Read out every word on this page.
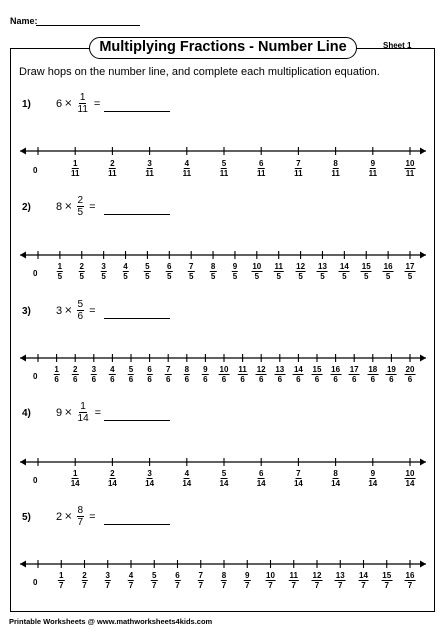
Name:
Sheet 1
Multiplying Fractions - Number Line
Draw hops on the number line, and complete each multiplication equation.
Printable Worksheets @ www.mathworksheets4kids.com
1) $6 \times \frac{1}{11}$ =
0	$\frac{1}{11}$	$\frac{2}{11}$	$\frac{3}{11}$	$\frac{4}{11}$	$\frac{5}{11}$	$\frac{6}{11}$	$\frac{7}{11}$	$\frac{8}{11}$	$\frac{9}{11}$	$\frac{10}{11}$
2) $8 \times \frac{2}{5}$ =
$0 \frac{1}{5} \frac{2}{5} \frac{3}{5} \frac{4}{5} \frac{5}{5} \frac{6}{5} \frac{7}{5} \frac{8}{5} \frac{9}{5} \frac{10}{5} \frac{11}{5} \frac{12}{5} \frac{13}{5} \frac{14}{5} \frac{15}{5} \frac{16}{5} \frac{17}{5}$
3) $3 \times \frac{5}{6}$ =
$0 \frac{1}{6} \frac{2}{6} \frac{3}{6} \frac{4}{6} \frac{5}{6} \frac{6}{6} \frac{7}{6} \frac{8}{6} \frac{9}{6} \frac{10}{6} \frac{11}{6} \frac{12}{6} \frac{13}{6} \frac{14}{6} \frac{15}{6} \frac{16}{6} \frac{17}{6} \frac{18}{6} \frac{19}{6} \frac{20}{6}$
4) $9 \times \frac{1}{14}$ =
0	$\frac{1}{14}$	$\frac{2}{14}$	$\frac{3}{14}$	$\frac{4}{14}$	$\frac{5}{14}$	$\frac{6}{14}$	$\frac{7}{14}$	$\frac{8}{14}$	$\frac{9}{14}$	$\frac{10}{14}$
5) $2 \times \frac{8}{7}$ =
0	$\frac{1}{7} \frac{2}{7} \frac{3}{7} \frac{4}{7} \frac{5}{7} \frac{6}{7} \frac{7}{7} \frac{8}{7} \frac{9}{7} \frac{10}{7} \frac{11}{7} \frac{12}{7} \frac{13}{7} \frac{14}{7} \frac{15}{7} \frac{16}{7}$
